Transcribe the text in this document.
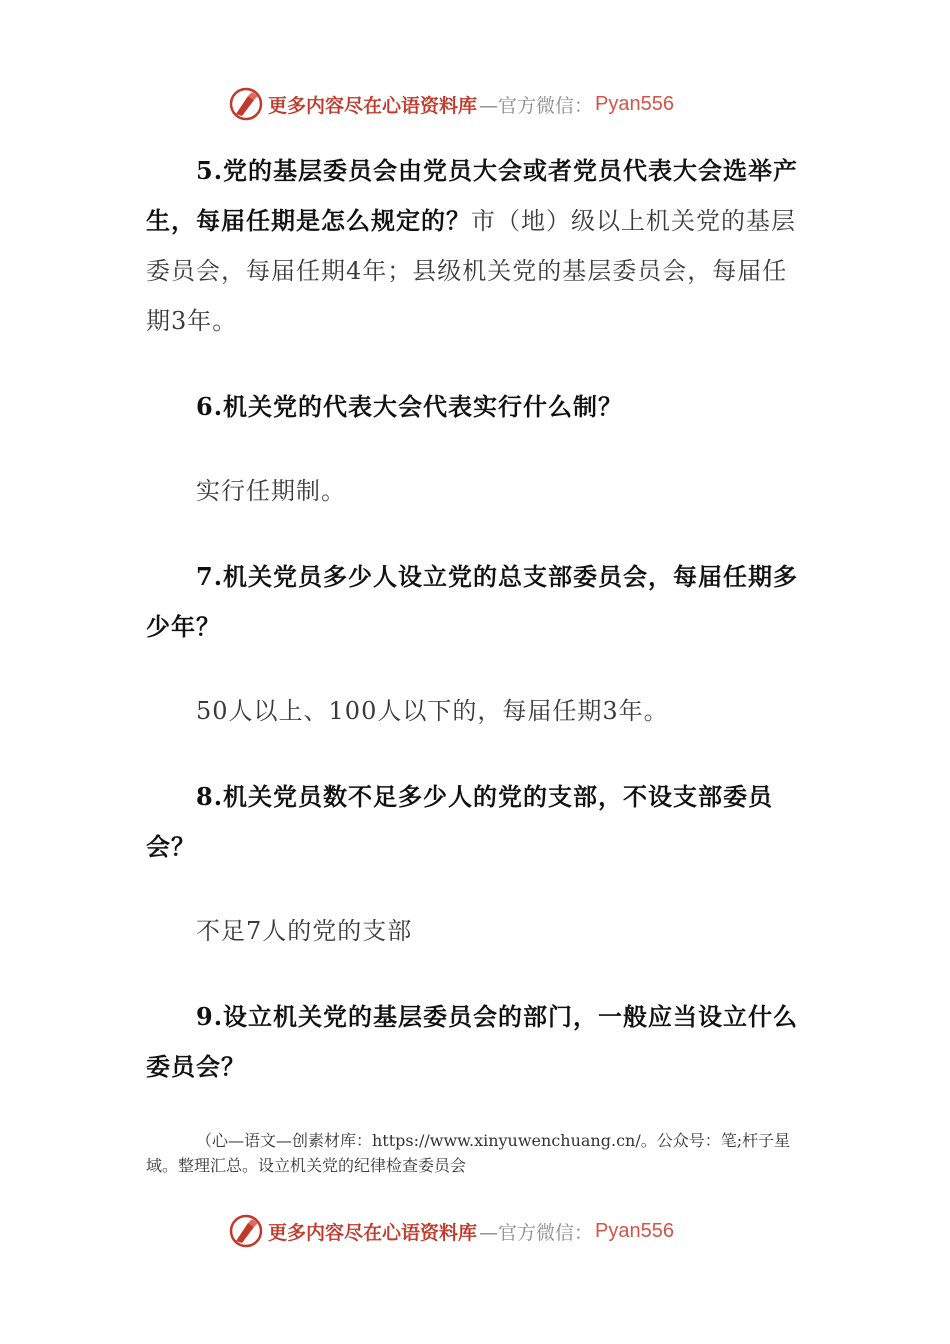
更多内容尽在心语资料库 —官方微信： Pyan556

5.党的基层委员会由党员大会或者党员代表大会选举产生，每届任期是怎么规定的？市（地）级以上机关党的基层委员会，每届任期4年；县级机关党的基层委员会，每届任期3年。

6.机关党的代表大会代表实行什么制？

实行任期制。

7.机关党员多少人设立党的总支部委员会，每届任期多少年？

50人以上、100人以下的，每届任期3年。

8.机关党员数不足多少人的党的支部，不设支部委员会？

不足7人的党的支部

9.设立机关党的基层委员会的部门，一般应当设立什么委员会？

（心—语文—创素材库：https://www.xinyuwenchuang.cn/。公众号：笔;杆子星域。整理汇总。设立机关党的纪律检查委员会

更多内容尽在心语资料库 —官方微信： Pyan556
